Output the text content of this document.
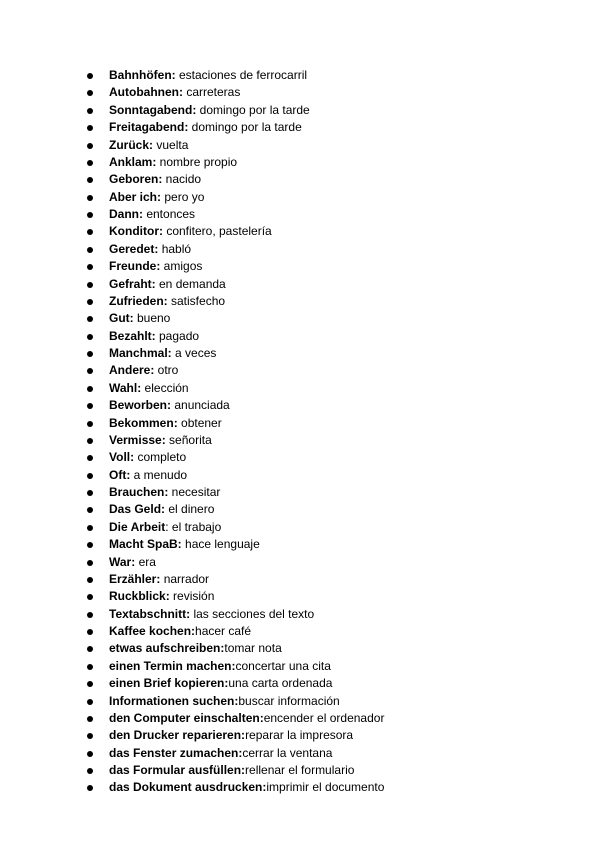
Bahnhöfen: estaciones de ferrocarril
Autobahnen: carreteras
Sonntagabend: domingo por la tarde
Freitagabend: domingo por la tarde
Zurück: vuelta
Anklam: nombre propio
Geboren: nacido
Aber ich: pero yo
Dann: entonces
Konditor: confitero, pastelería
Geredet: habló
Freunde: amigos
Gefraht: en demanda
Zufrieden: satisfecho
Gut: bueno
Bezahlt: pagado
Manchmal: a veces
Andere: otro
Wahl: elección
Beworben: anunciada
Bekommen: obtener
Vermisse: señorita
Voll: completo
Oft: a menudo
Brauchen: necesitar
Das Geld: el dinero
Die Arbeit: el trabajo
Macht SpaB: hace lenguaje
War: era
Erzähler: narrador
Ruckblick: revisión
Textabschnitt: las secciones del texto
Kaffee kochen:hacer café
etwas aufschreiben:tomar nota
einen Termin machen:concertar una cita
einen Brief kopieren:una carta ordenada
Informationen suchen:buscar información
den Computer einschalten:encender el ordenador
den Drucker reparieren:reparar la impresora
das Fenster zumachen:cerrar la ventana
das Formular ausfüllen:rellenar el formulario
das Dokument ausdrucken:imprimir el documento
